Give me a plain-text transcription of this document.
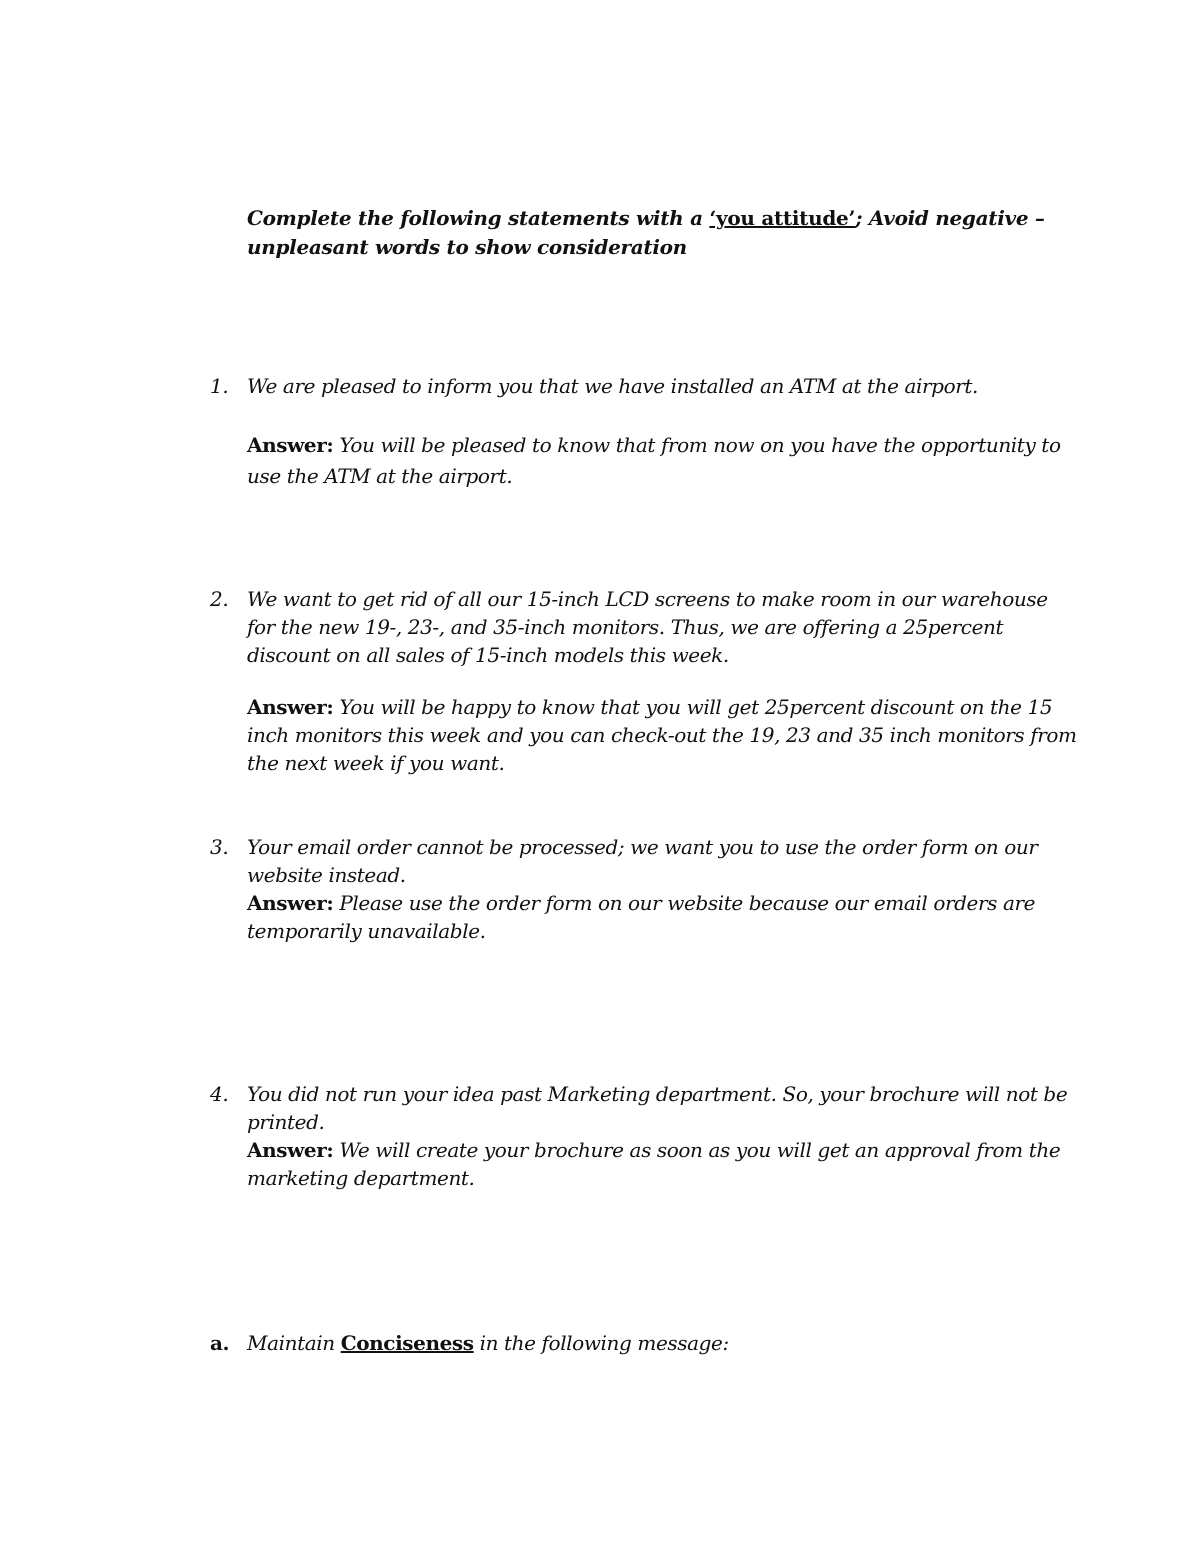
Complete the following statements with a ‘you attitude’; Avoid negative – unpleasant words to show consideration
1. We are pleased to inform you that we have installed an ATM at the airport.

Answer: You will be pleased to know that from now on you have the opportunity to use the ATM at the airport.

2. We want to get rid of all our 15-inch LCD screens to make room in our warehouse for the new 19-, 23-, and 35-inch monitors. Thus, we are offering a 25percent discount on all sales of 15-inch models this week.

Answer: You will be happy to know that you will get 25percent discount on the 15 inch monitors this week and you can check-out the 19, 23 and 35 inch monitors from the next week if you want.

3. Your email order cannot be processed; we want you to use the order form on our website instead.

Answer: Please use the order form on our website because our email orders are temporarily unavailable.

4. You did not run your idea past Marketing department. So, your brochure will not be printed.

Answer: We will create your brochure as soon as you will get an approval from the marketing department.

a. Maintain Conciseness in the following message:
